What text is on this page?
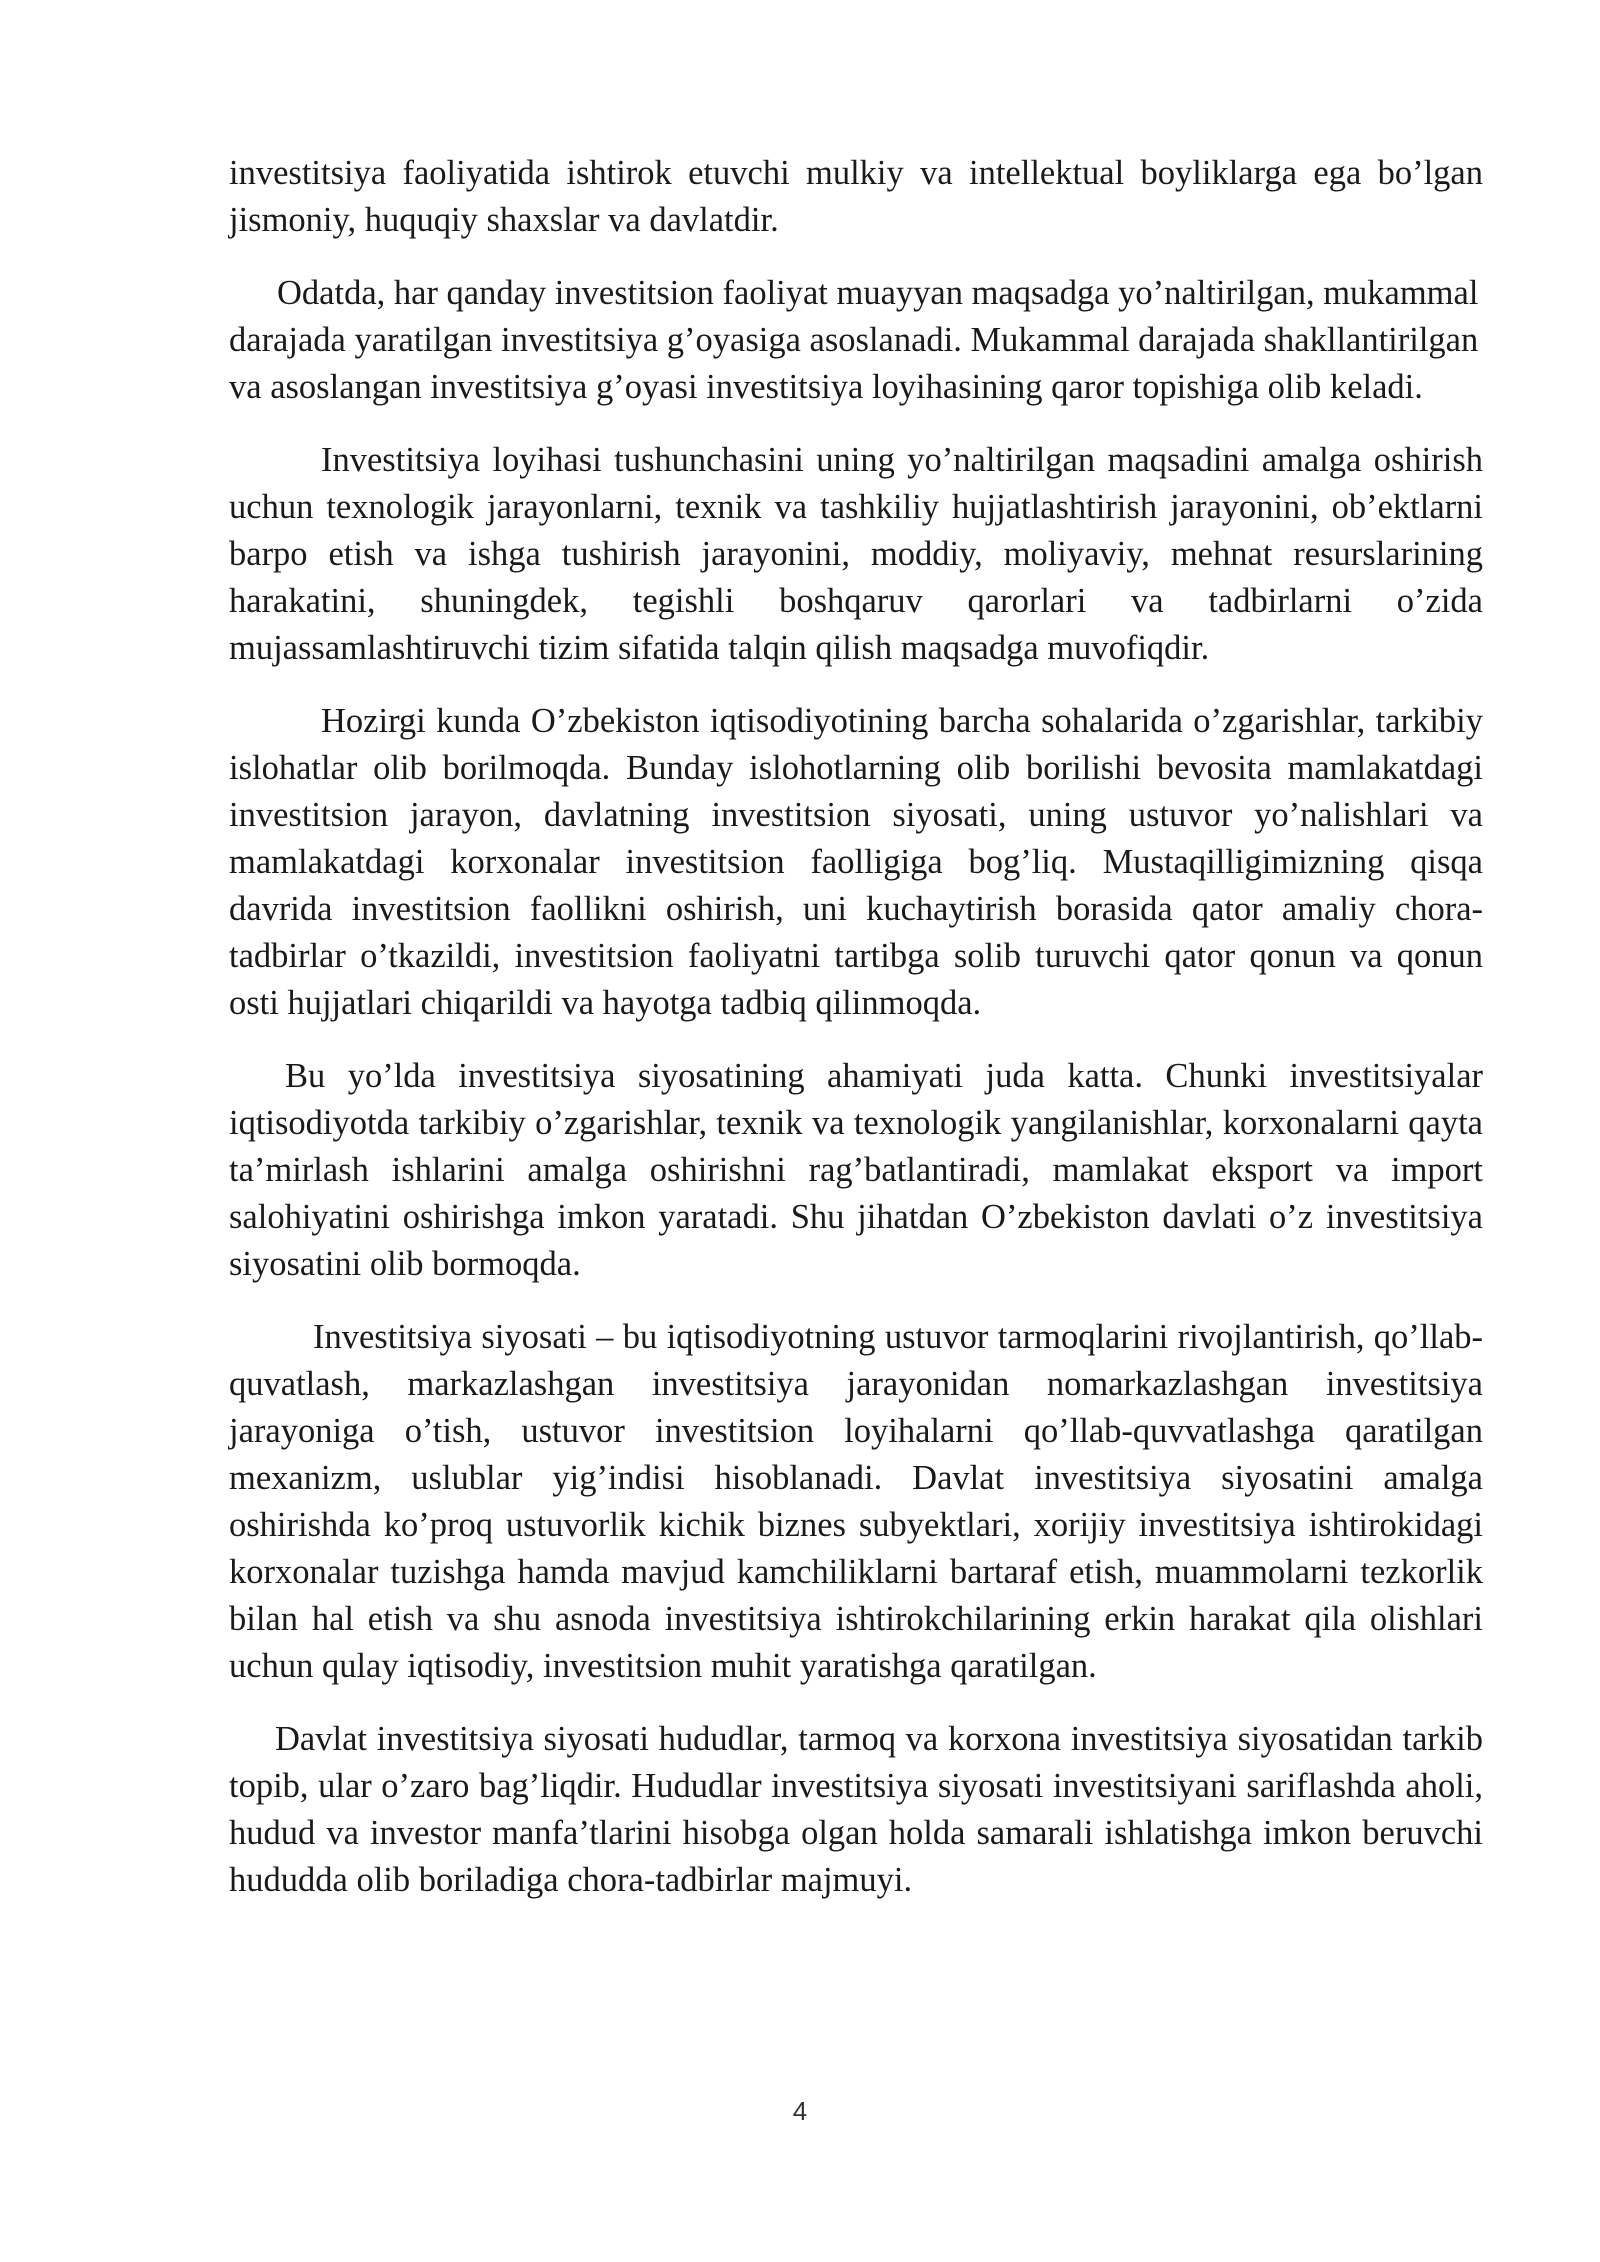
investitsiya faoliyatida ishtirok etuvchi mulkiy va intellektual boyliklarga ega bo’lgan jismoniy, huquqiy shaxslar va davlatdir.

Odatda, har qanday investitsion faoliyat muayyan maqsadga yo’naltirilgan, mukammal darajada yaratilgan investitsiya g’oyasiga asoslanadi. Mukammal darajada shakllantirilgan va asoslangan investitsiya g’oyasi investitsiya loyihasining qaror topishiga olib keladi.

Investitsiya loyihasi tushunchasini uning yo’naltirilgan maqsadini amalga oshirish uchun texnologik jarayonlarni, texnik va tashkiliy hujjatlashtirish jarayonini, ob’ektlarni barpo etish va ishga tushirish jarayonini, moddiy, moliyaviy, mehnat resurslarining harakatini, shuningdek, tegishli boshqaruv qarorlari va tadbirlarni o’zida mujassamlashtiruvchi tizim sifatida talqin qilish maqsadga muvofiqdir.

Hozirgi kunda O’zbekiston iqtisodiyotining barcha sohalarida o’zgarishlar, tarkibiy islohatlar olib borilmoqda. Bunday islohotlarning olib borilishi bevosita mamlakatdagi investitsion jarayon, davlatning investitsion siyosati, uning ustuvor yo’nalishlari va mamlakatdagi korxonalar investitsion faolligiga bog’liq. Mustaqilligimizning qisqa davrida investitsion faollikni oshirish, uni kuchaytirish borasida qator amaliy chora-tadbirlar o’tkazildi, investitsion faoliyatni tartibga solib turuvchi qator qonun va qonun osti hujjatlari chiqarildi va hayotga tadbiq qilinmoqda.

Bu yo’lda investitsiya siyosatining ahamiyati juda katta. Chunki investitsiyalar iqtisodiyotda tarkibiy o’zgarishlar, texnik va texnologik yangilanishlar, korxonalarni qayta ta’mirlash ishlarini amalga oshirishni rag’batlantiradi, mamlakat eksport va import salohiyatini oshirishga imkon yaratadi. Shu jihatdan O’zbekiston davlati o’z investitsiya siyosatini olib bormoqda.

Investitsiya siyosati – bu iqtisodiyotning ustuvor tarmoqlarini rivojlantirish, qo’llab-quvatlash, markazlashgan investitsiya jarayonidan nomarkazlashgan investitsiya jarayoniga o’tish, ustuvor investitsion loyihalarni qo’llab-quvvatlashga qaratilgan mexanizm, uslublar yig’indisi hisoblanadi. Davlat investitsiya siyosatini amalga oshirishda ko’proq ustuvorlik kichik biznes subyektlari, xorijiy investitsiya ishtirokidagi korxonalar tuzishga hamda mavjud kamchiliklarni bartaraf etish, muammolarni tezkorlik bilan hal etish va shu asnoda investitsiya ishtirokchilarining erkin harakat qila olishlari uchun qulay iqtisodiy, investitsion muhit yaratishga qaratilgan.

Davlat investitsiya siyosati hududlar, tarmoq va korxona investitsiya siyosatidan tarkib topib, ular o’zaro bag’liqdir. Hududlar investitsiya siyosati investitsiyani sariflashda aholi, hudud va investor manfa’tlarini hisobga olgan holda samarali ishlatishga imkon beruvchi hududda olib boriladiga chora-tadbirlar majmuyi.

4
